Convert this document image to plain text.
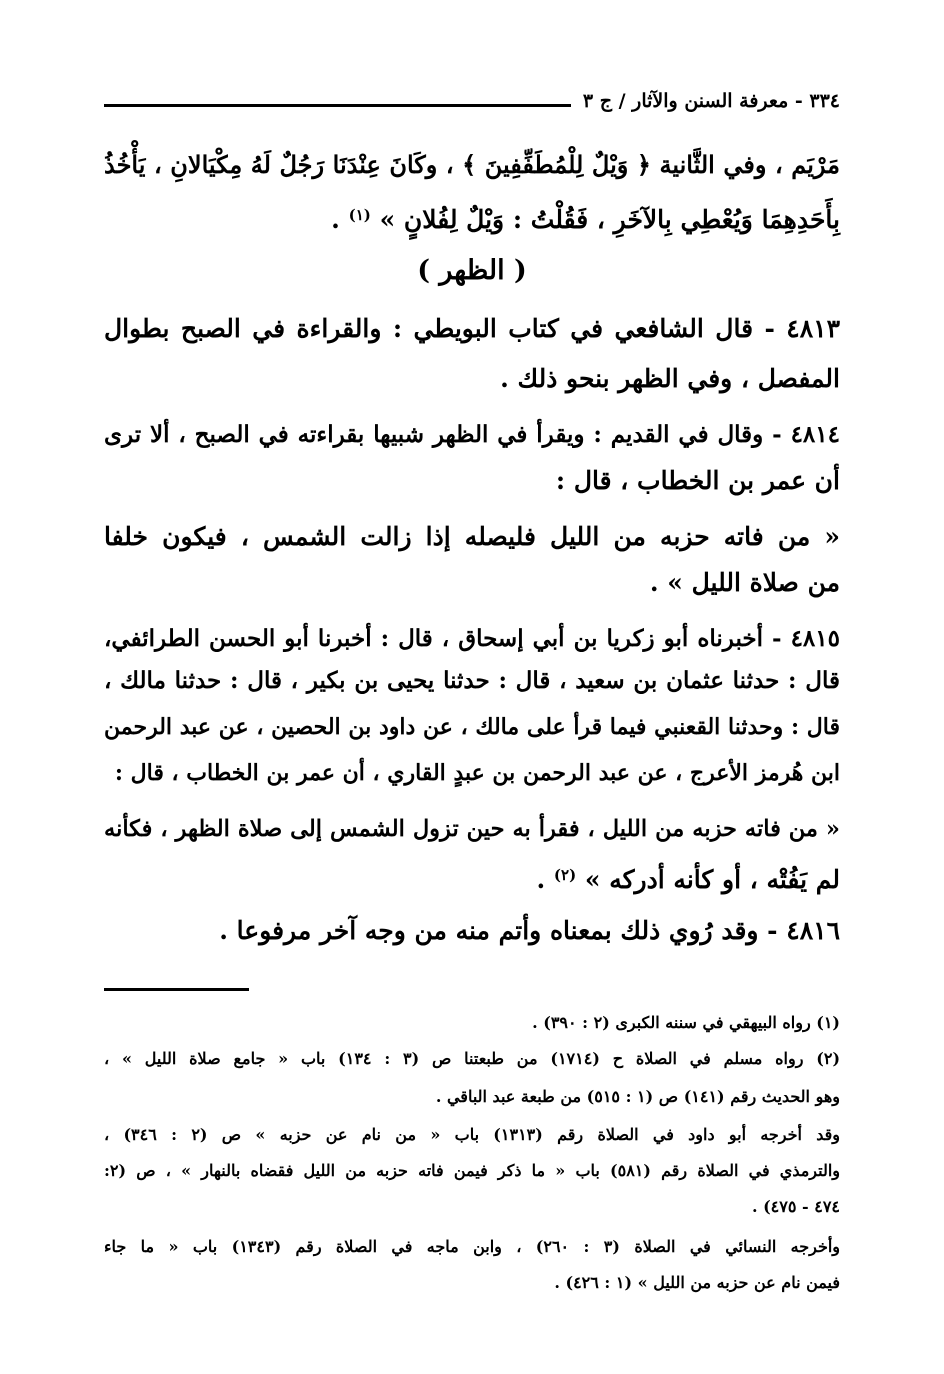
٣٣٤ - معرفة السنن والآثار / ج ٣
مَرْيَم ، وفي الثَّانية ﴿ وَيْلٌ لِلْمُطَفِّفِينَ ﴾ ، وكَانَ عِنْدَنَا رَجُلٌ لَهُ مِكْيَالانِ ، يَأْخُذُ
بِأَحَدِهِمَا وَيُعْطِي بِالآخَرِ ، فَقُلْتُ : وَيْلٌ لِفُلانٍ » $^{(١)}$ .
( الظهر )
٤٨١٣ - قال الشافعي في كتاب البويطي : والقراءة في الصبح بطوال
المفصل ، وفي الظهر بنحو ذلك .
٤٨١٤ - وقال في القديم : ويقرأ في الظهر شبيها بقراءته في الصبح ، ألا ترى
أن عمر بن الخطاب ، قال :
« من فاته حزبه من الليل فليصله إذا زالت الشمس ، فيكون خلفا
من صلاة الليل » .
٤٨١٥ - أخبرناه أبو زكريا بن أبي إسحاق ، قال : أخبرنا أبو الحسن الطرائفي،
قال : حدثنا عثمان بن سعيد ، قال : حدثنا يحيى بن بكير ، قال : حدثنا مالك ،
قال : وحدثنا القعنبي فيما قرأ على مالك ، عن داود بن الحصين ، عن عبد الرحمن
ابن هُرمز الأعرج ، عن عبد الرحمن بن عبدٍ القاري ، أن عمر بن الخطاب ، قال :
« من فاته حزبه من الليل ، فقرأ به حين تزول الشمس إلى صلاة الظهر ، فكأنه
لم يَفُتْه ، أو كأنه أدركه » $^{(٢)}$ .
٤٨١٦ - وقد رُوي ذلك بمعناه وأتم منه من وجه آخر مرفوعا .
(١) رواه البيهقي في سننه الكبرى (٢ : ٣٩٠) .
(٢) رواه مسلم في الصلاة ح (١٧١٤) من طبعتنا ص (٣ : ١٣٤) باب « جامع صلاة الليل » ،
وهو الحديث رقم (١٤١) ص (١ : ٥١٥) من طبعة عبد الباقي .
وقد أخرجه أبو داود في الصلاة رقم (١٣١٣) باب « من نام عن حزبه » ص (٢ : ٣٤٦) ،
والترمذي في الصلاة رقم (٥٨١) باب « ما ذكر فيمن فاته حزبه من الليل فقضاه بالنهار » ، ص (٢:
٤٧٤ - ٤٧٥) .
وأخرجه النسائي في الصلاة (٣ : ٢٦٠) ، وابن ماجه في الصلاة رقم (١٣٤٣) باب « ما جاء
فيمن نام عن حزبه من الليل » (١ : ٤٢٦) .
